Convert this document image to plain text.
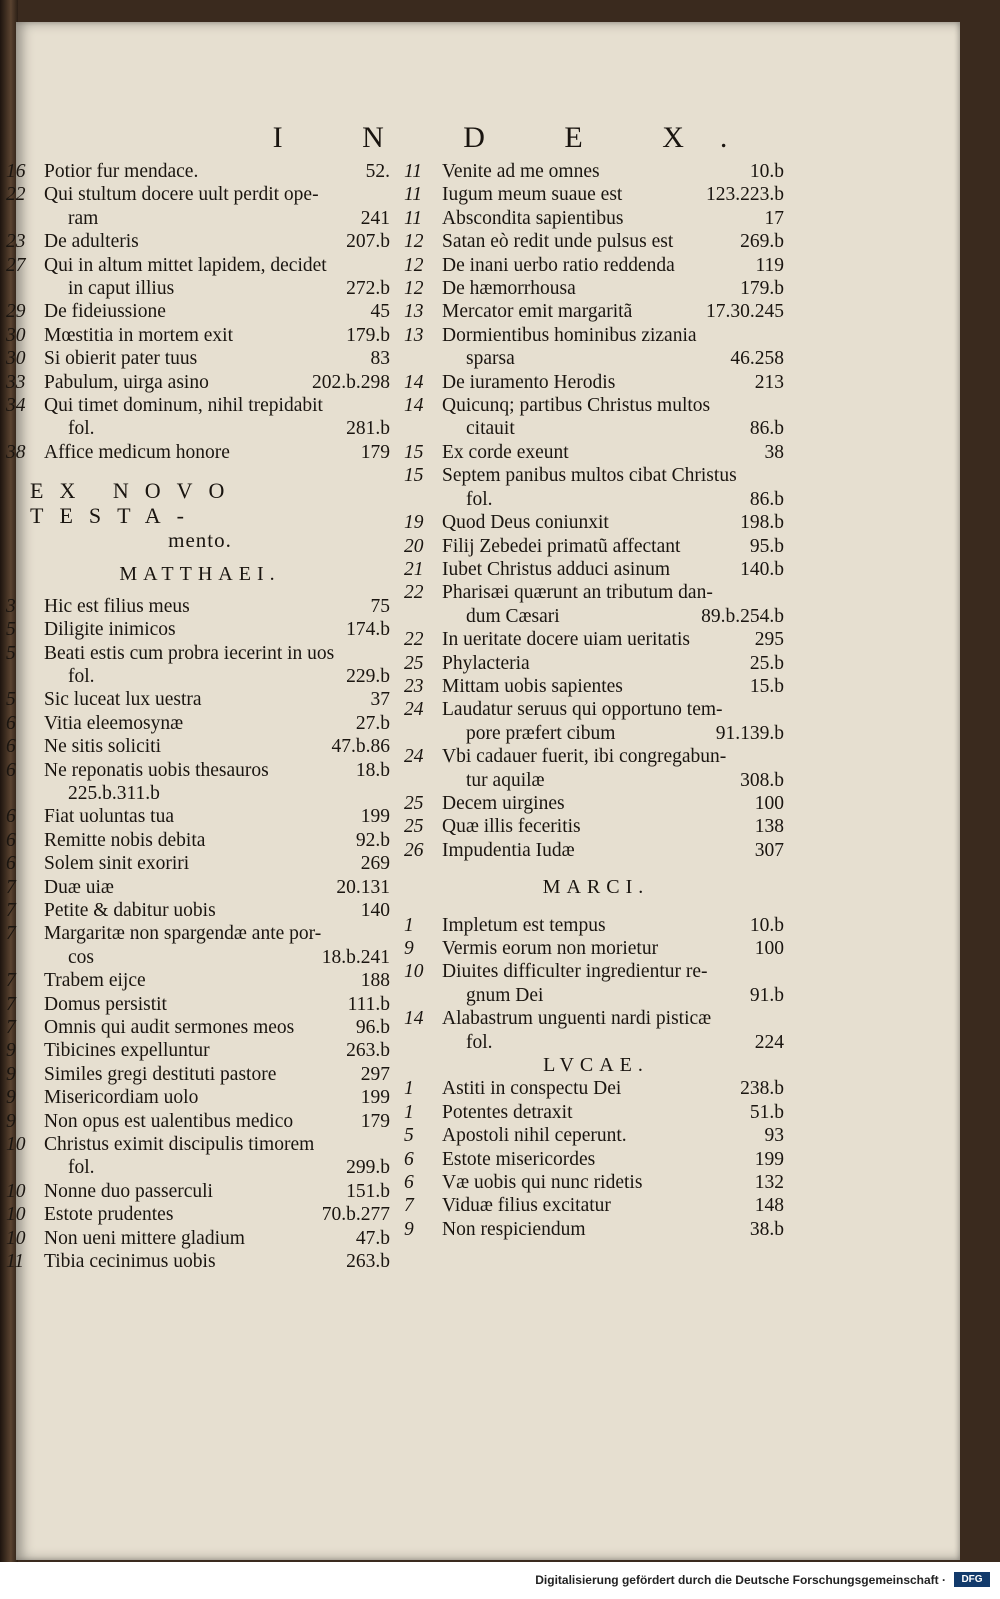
I N D E X.
16 Potior fur mendace.	52.
22 Qui stultum docere uult perdit ope-
ram	241
23 De adulteris	207.b
27 Qui in altum mittet lapidem, decidet
in caput illius	272.b
29 De fideiussione	45
30 Mœstitia in mortem exit	179.b
30 Si obierit pater tuus	83
33 Pabulum, uirga asino	202.b.298
34 Qui timet dominum, nihil trepidabit
fol.	281.b
38 Affice medicum honore	179
EX NOVO TESTA-
mento.
MATTHAEI.
3	Hic est filius meus	75
5	Diligite inimicos	174.b
5	Beati estis cum probra iecerint in uos
fol.	229.b
5	Sic luceat lux uestra	37
6	Vitia eleemosynæ	27.b
6	Ne sitis soliciti	47.b.86
6	Ne reponatis uobis thesauros	18.b
225.b.311.b
6	Fiat uoluntas tua	199
6	Remitte nobis debita	92.b
6	Solem sinit exoriri	269
7	Duæ uiæ	20.131
7	Petite & dabitur uobis	140
7	Margaritæ non spargendæ ante por-
cos	18.b.241
7	Trabem eijce	188
7	Domus persistit	111.b
7	Omnis qui audit sermones meos	96.b
9	Tibicines expelluntur	263.b
9	Similes gregi destituti pastore	297
9	Misericordiam uolo	199
9	Non opus est ualentibus medico	179
10 Christus eximit discipulis timorem
fol.	299.b
10 Nonne duo passerculi	151.b
10 Estote prudentes	70.b.277
10 Non ueni mittere gladium	47.b
11	Tibia cecinimus uobis	263.b
11	Venite ad me omnes	10.b
11	Iugum meum suaue est	123.223.b
11	Abscondita sapientibus	17
12 Satan eò redit unde pulsus est	269.b
12 De inani uerbo ratio reddenda	119
12 De hæmorrhousa	179.b
13 Mercator emit margaritã	17.30.245
13 Dormientibus hominibus zizania
sparsa	46.258
14 De iuramento Herodis	213
14 Quicunq; partibus Christus multos
citauit	86.b
15 Ex corde exeunt	38
15 Septem panibus multos cibat Christus
fol.	86.b
19 Quod Deus coniunxit	198.b
20 Filij Zebedei primatũ affectant	95.b
21 Iubet Christus adduci asinum	140.b
22 Pharisæi quærunt an tributum dan-
dum Cæsari	89.b.254.b
22 In ueritate docere uiam ueritatis	295
25 Phylacteria	25.b
23 Mittam uobis sapientes	15.b
24 Laudatur seruus qui opportuno tem-
pore præfert cibum	91.139.b
24 Vbi cadauer fuerit, ibi congregabun-
tur aquilæ	308.b
25 Decem uirgines	100
25 Quæ illis feceritis	138
26 Impudentia Iudæ	307
MARCI.
1	Impletum est tempus	10.b
9	Vermis eorum non morietur	100
10 Diuites difficulter ingredientur re-
gnum Dei	91.b
14 Alabastrum unguenti nardi pisticæ
fol.	224
LVCAE.
1	Astiti in conspectu Dei	238.b
1	Potentes detraxit	51.b
5	Apostoli nihil ceperunt.	93
6	Estote misericordes	199
6	Væ uobis qui nunc ridetis	132
7	Viduæ filius excitatur	148
9	Non respiciendum	38.b
Digitalisierung gefördert durch die Deutsche Forschungsgemeinschaft ·	DFG
